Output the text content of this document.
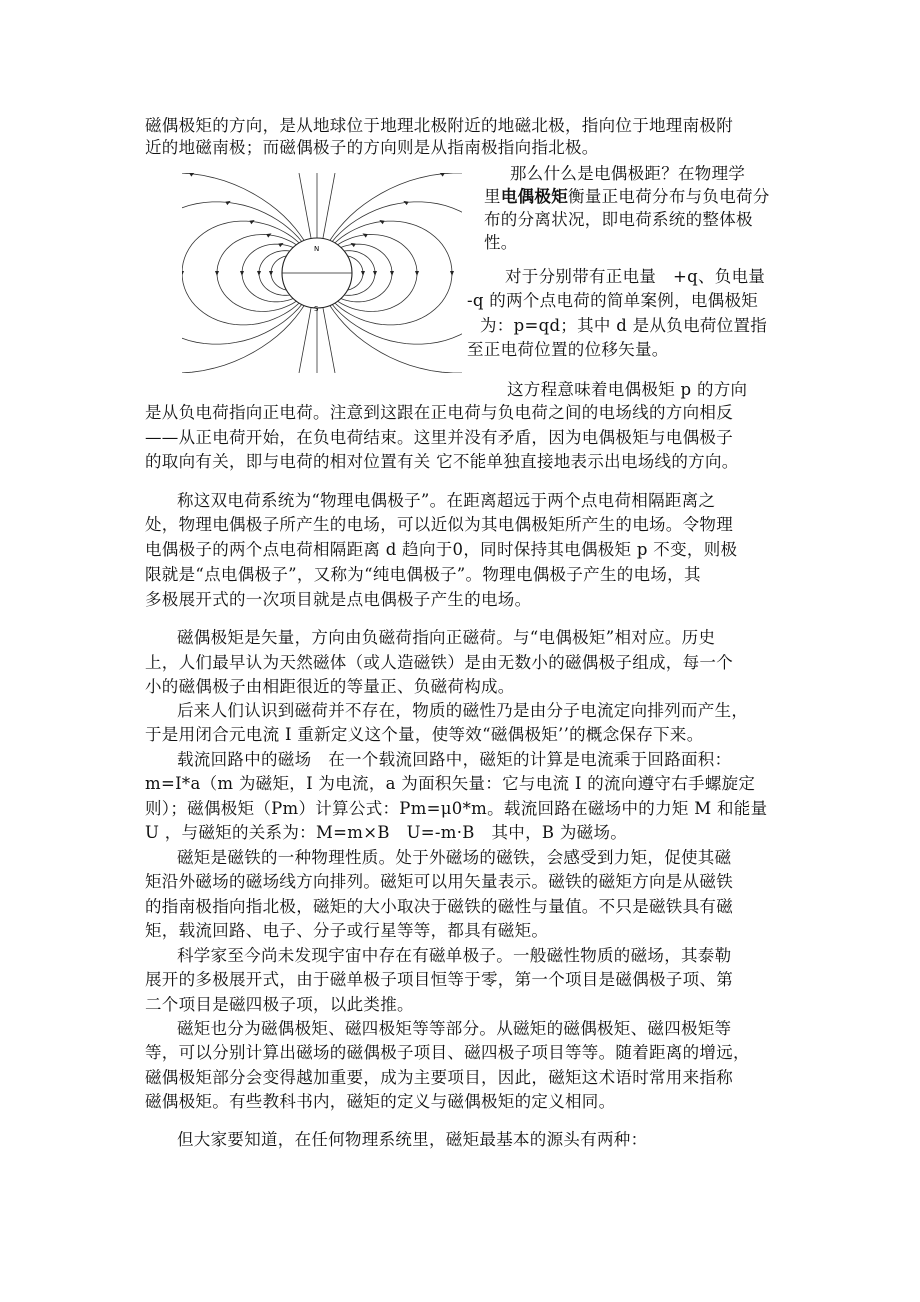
磁偶极矩的方向，是从地球位于地理北极附近的地磁北极，指向位于地理南极附
近的地磁南极；而磁偶极子的方向则是从指南极指向指北极。
N
S
那么什么是电偶极距？在物理学
里电偶极矩衡量正电荷分布与负电荷分
布的分离状况，即电荷系统的整体极
性。
对于分别带有正电量　+q、负电量
-q 的两个点电荷的简单案例，电偶极矩
为：p=qd；其中 d 是从负电荷位置指
至正电荷位置的位移矢量。
这方程意味着电偶极矩 p 的方向
是从负电荷指向正电荷。注意到这跟在正电荷与负电荷之间的电场线的方向相反
——从正电荷开始，在负电荷结束。这里并没有矛盾，因为电偶极矩与电偶极子
的取向有关，即与电荷的相对位置有关 它不能单独直接地表示出电场线的方向。
称这双电荷系统为“物理电偶极子”。在距离超远于两个点电荷相隔距离之
处，物理电偶极子所产生的电场，可以近似为其电偶极矩所产生的电场。令物理
电偶极子的两个点电荷相隔距离 d 趋向于0，同时保持其电偶极矩 p 不变，则极
限就是“点电偶极子”，又称为“纯电偶极子”。物理电偶极子产生的电场，其
多极展开式的一次项目就是点电偶极子产生的电场。
磁偶极矩是矢量，方向由负磁荷指向正磁荷。与“电偶极矩”相对应。历史
上，人们最早认为天然磁体（或人造磁铁）是由无数小的磁偶极子组成，每一个
小的磁偶极子由相距很近的等量正、负磁荷构成。
后来人们认识到磁荷并不存在，物质的磁性乃是由分子电流定向排列而产生，
于是用闭合元电流 I 重新定义这个量，使等效“磁偶极矩’’的概念保存下来。
载流回路中的磁场　在一个载流回路中，磁矩的计算是电流乘于回路面积：
m=I*a（m 为磁矩，I 为电流，a 为面积矢量：它与电流 I 的流向遵守右手螺旋定
则）；磁偶极矩（Pm）计算公式：Pm=μ0*m。载流回路在磁场中的力矩 M 和能量
U ，与磁矩的关系为：M=m×B　U=-m·B　其中，B 为磁场。
磁矩是磁铁的一种物理性质。处于外磁场的磁铁，会感受到力矩，促使其磁
矩沿外磁场的磁场线方向排列。磁矩可以用矢量表示。磁铁的磁矩方向是从磁铁
的指南极指向指北极，磁矩的大小取决于磁铁的磁性与量值。不只是磁铁具有磁
矩，载流回路、电子、分子或行星等等，都具有磁矩。
科学家至今尚未发现宇宙中存在有磁单极子。一般磁性物质的磁场，其泰勒
展开的多极展开式，由于磁单极子项目恒等于零，第一个项目是磁偶极子项、第
二个项目是磁四极子项，以此类推。
磁矩也分为磁偶极矩、磁四极矩等等部分。从磁矩的磁偶极矩、磁四极矩等
等，可以分别计算出磁场的磁偶极子项目、磁四极子项目等等。随着距离的增远，
磁偶极矩部分会变得越加重要，成为主要项目，因此，磁矩这术语时常用来指称
磁偶极矩。有些教科书内，磁矩的定义与磁偶极矩的定义相同。
但大家要知道，在任何物理系统里，磁矩最基本的源头有两种：
